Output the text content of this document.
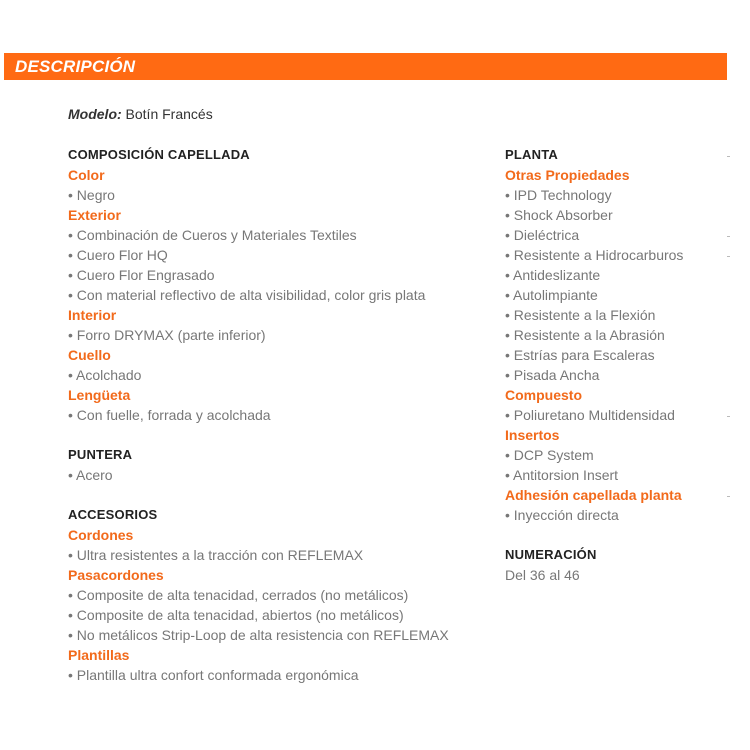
DESCRIPCIÓN
Modelo: Botín Francés
COMPOSICIÓN CAPELLADA
Color
• Negro
Exterior
• Combinación de Cueros y Materiales Textiles
• Cuero Flor HQ
• Cuero Flor Engrasado
• Con material reflectivo de alta visibilidad, color gris plata
Interior
• Forro DRYMAX (parte inferior)
Cuello
• Acolchado
Lengüeta
• Con fuelle, forrada y acolchada
PUNTERA
• Acero
ACCESORIOS
Cordones
• Ultra resistentes a la tracción con REFLEMAX
Pasacordones
• Composite de alta tenacidad, cerrados (no metálicos)
• Composite de alta tenacidad, abiertos (no metálicos)
• No metálicos Strip-Loop de alta resistencia con REFLEMAX
Plantillas
• Plantilla ultra confort conformada ergonómica
PLANTA
Otras Propiedades
• IPD Technology
• Shock Absorber
• Dieléctrica
• Resistente a Hidrocarburos
• Antideslizante
• Autolimpiante
• Resistente a la Flexión
• Resistente a la Abrasión
• Estrías para Escaleras
• Pisada Ancha
Compuesto
• Poliuretano Multidensidad
Insertos
• DCP System
• Antitorsion Insert
Adhesión capellada planta
• Inyección directa
NUMERACIÓN
Del 36 al 46
